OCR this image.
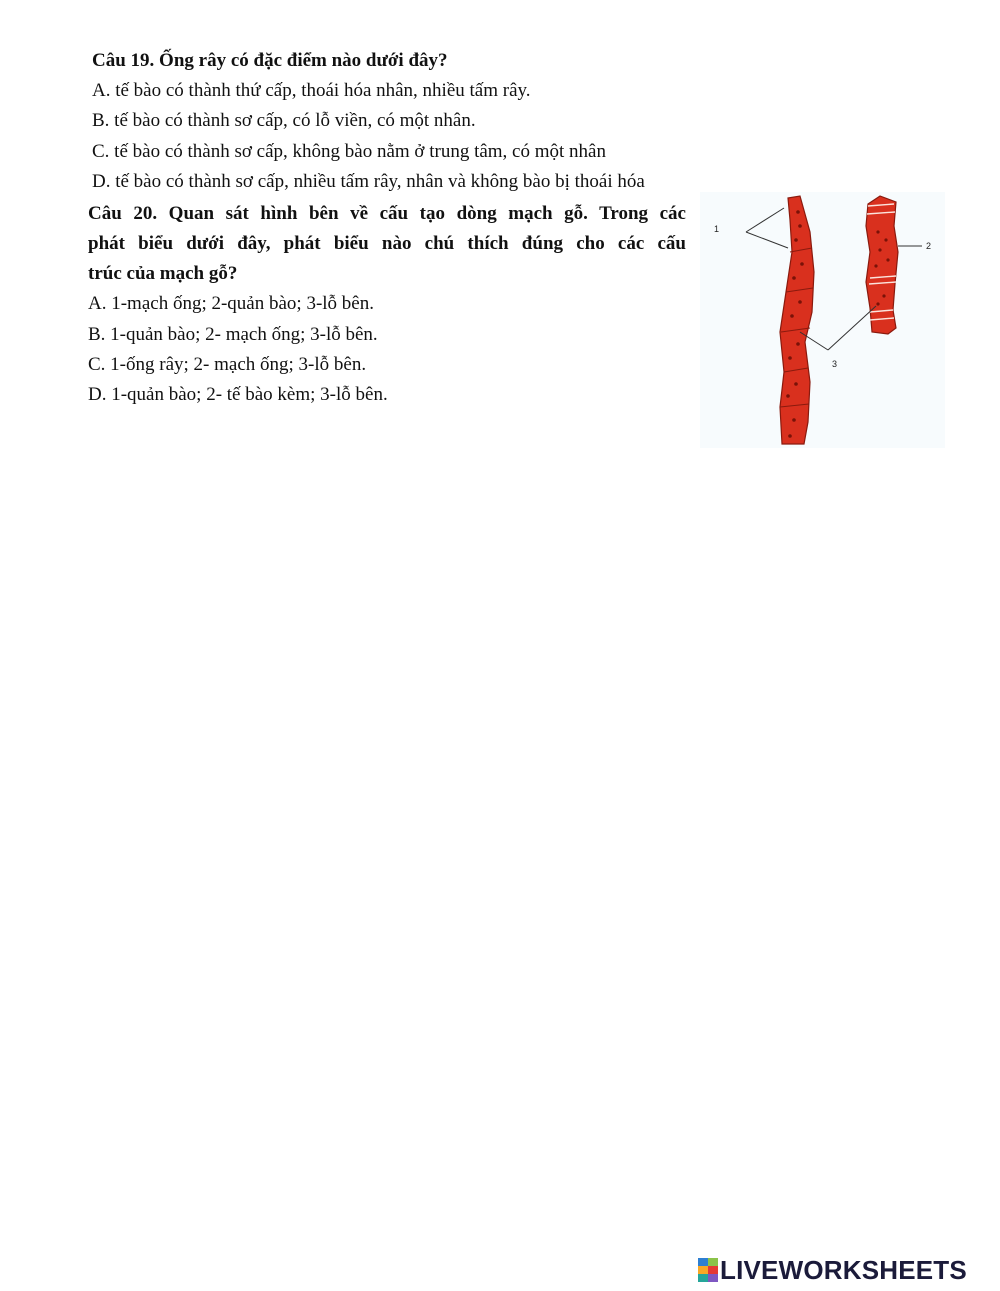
Câu 19. Ống rây có đặc điểm nào dưới đây?
A. tế bào có thành thứ cấp, thoái hóa nhân, nhiều tấm rây.
B. tế bào có thành sơ cấp, có lỗ viền, có một nhân.
C. tế bào có thành sơ cấp, không bào nằm ở trung tâm, có một nhân
D. tế bào có thành sơ cấp, nhiều tấm rây, nhân và không bào bị thoái hóa
Câu 20. Quan sát hình bên về cấu tạo dòng mạch gỗ. Trong các
phát biểu dưới đây, phát biểu nào chú thích đúng cho các cấu
trúc của mạch gỗ?
A. 1-mạch ống; 2-quản bào; 3-lỗ bên.
B. 1-quản bào; 2- mạch ống; 3-lỗ bên.
C. 1-ống rây; 2- mạch ống; 3-lỗ bên.
D. 1-quản bào; 2- tế bào kèm; 3-lỗ bên.
1
2
3
LIVEWORKSHEETS
